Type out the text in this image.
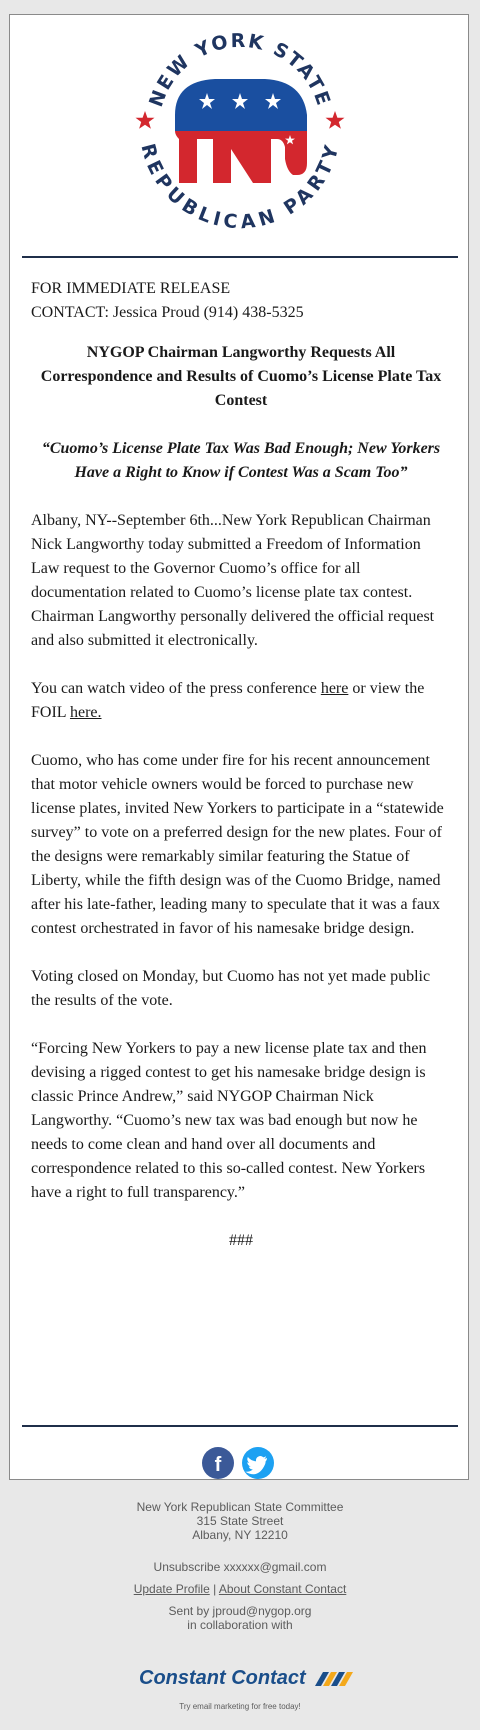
NEW YORK STATE
REPUBLICAN PARTY

FOR IMMEDIATE RELEASE

CONTACT: Jessica Proud (914) 438-5325

NYGOP Chairman Langworthy Requests All Correspondence and Results of Cuomo’s License Plate Tax Contest

“Cuomo’s License Plate Tax Was Bad Enough; New Yorkers Have a Right to Know if Contest Was a Scam Too”

Albany, NY--September 6th...New York Republican Chairman Nick Langworthy today submitted a Freedom of Information Law request to the Governor Cuomo’s office for all documentation related to Cuomo’s license plate tax contest. Chairman Langworthy personally delivered the official request and also submitted it electronically.

You can watch video of the press conference here or view the FOIL here.

Cuomo, who has come under fire for his recent announcement that motor vehicle owners would be forced to purchase new license plates, invited New Yorkers to participate in a “statewide survey” to vote on a preferred design for the new plates. Four of the designs were remarkably similar featuring the Statue of Liberty, while the fifth design was of the Cuomo Bridge, named after his late-father, leading many to speculate that it was a faux contest orchestrated in favor of his namesake bridge design.

Voting closed on Monday, but Cuomo has not yet made public the results of the vote.

“Forcing New Yorkers to pay a new license plate tax and then devising a rigged contest to get his namesake bridge design is classic Prince Andrew,” said NYGOP Chairman Nick Langworthy. “Cuomo’s new tax was bad enough but now he needs to come clean and hand over all documents and correspondence related to this so-called contest. New Yorkers have a right to full transparency.”

###

f
New York Republican State Committee
315 State Street
Albany, NY 12210
Unsubscribe xxxxxx@gmail.com
Update Profile | About Constant Contact
Sent by jproud@nygop.org
in collaboration with
Constant Contact
Try email marketing for free today!
